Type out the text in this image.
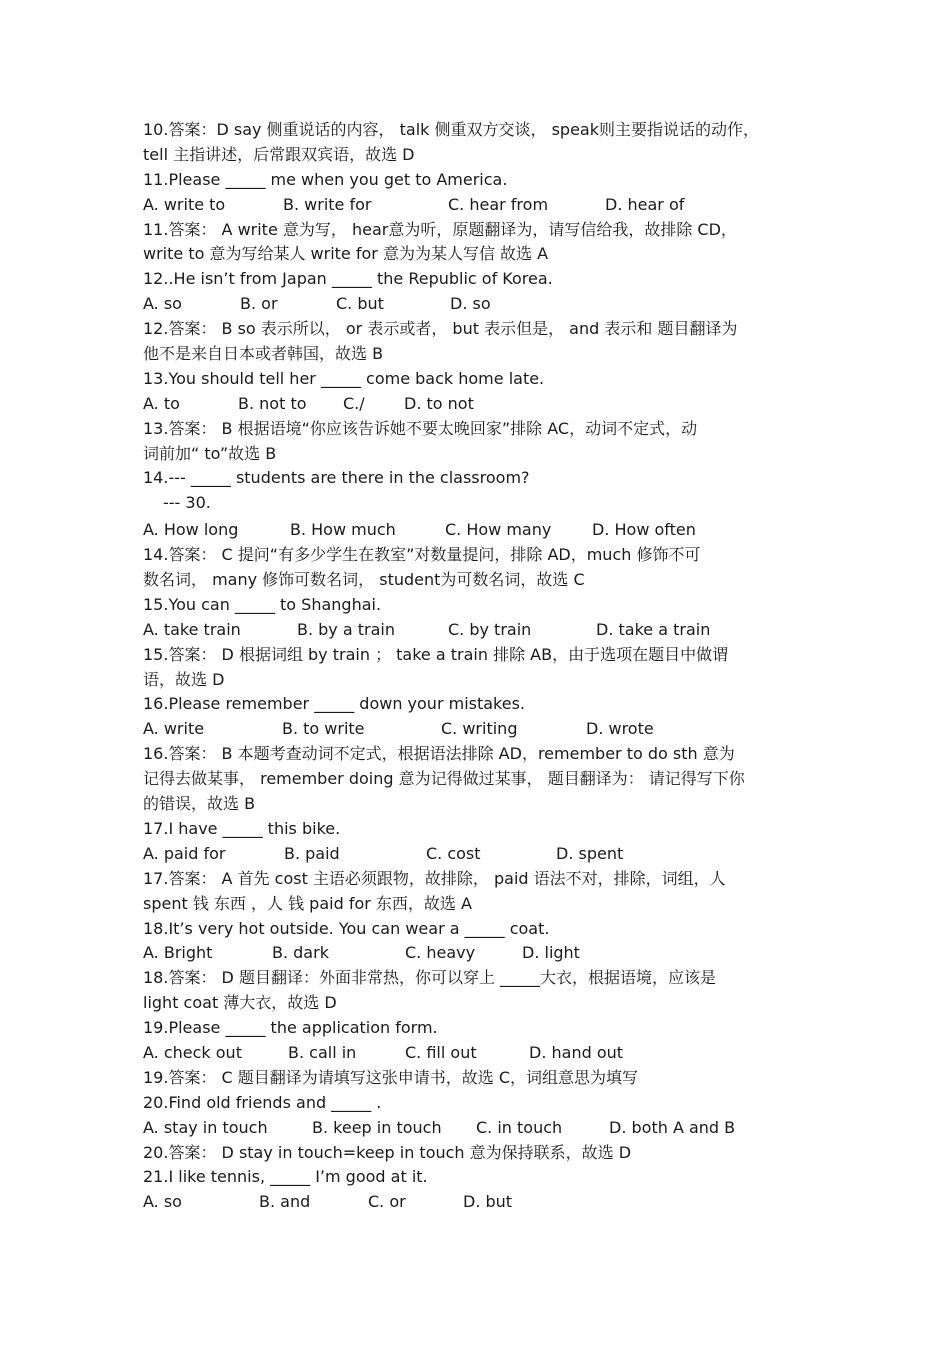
10.答案：D say 侧重说话的内容， talk 侧重双方交谈， speak则主要指说话的动作，
tell 主指讲述，后常跟双宾语，故选 D
11.Please _____ me when you get to America.
A. write to	B. write for	C. hear from	D. hear of
11.答案： A write 意为写， hear意为听，原题翻译为，请写信给我，故排除 CD，
write to 意为写给某人 write for 意为为某人写信 故选 A
12..He isn’t from Japan _____ the Republic of Korea.
A. so	B. or	C. but	D. so
12.答案： B so 表示所以， or 表示或者， but 表示但是， and 表示和 题目翻译为
他不是来自日本或者韩国，故选 B
13.You should tell her _____ come back home late.
A. to	B. not to C./ D. to not
13.答案： B 根据语境“你应该告诉她不要太晚回家”排除 AC，动词不定式，动
词前加“ to”故选 B
14.--- _____ students are there in the classroom?
--- 30.
A. How long	B. How much	C. How many	D. How often
14.答案： C 提问“有多少学生在教室”对数量提问，排除 AD，much 修饰不可
数名词， many 修饰可数名词， student为可数名词，故选 C
15.You can _____ to Shanghai.
A. take train	B. by a train	C. by train	D. take a train
15.答案： D 根据词组 by train ； take a train 排除 AB，由于选项在题目中做谓
语，故选 D
16.Please remember _____ down your mistakes.
A. write	B. to write	C. writing	D. wrote
16.答案： B 本题考查动词不定式，根据语法排除 AD，remember to do sth 意为
记得去做某事， remember doing 意为记得做过某事， 题目翻译为： 请记得写下你
的错误，故选 B
17.I have _____ this bike.
A. paid for	B. paid	C. cost	D. spent
17.答案： A 首先 cost 主语必须跟物，故排除， paid 语法不对，排除，词组，人
spent 钱 东西 ，人 钱 paid for 东西，故选 A
18.It’s very hot outside. You can wear a _____ coat.
A. Bright	B. dark	C. heavy	D. light
18.答案： D 题目翻译：外面非常热，你可以穿上 _____大衣，根据语境，应该是
light coat 薄大衣，故选 D
19.Please _____ the application form.
A. check out	B. call in	C. fill out	D. hand out
19.答案： C 题目翻译为请填写这张申请书，故选 C，词组意思为填写
20.Find old friends and _____ .
A. stay in touch	B. keep in touch C. in touch	D. both A and B
20.答案： D stay in touch=keep in touch 意为保持联系，故选 D
21.I like tennis, _____ I’m good at it.
A. so	B. and	C. or	D. but
